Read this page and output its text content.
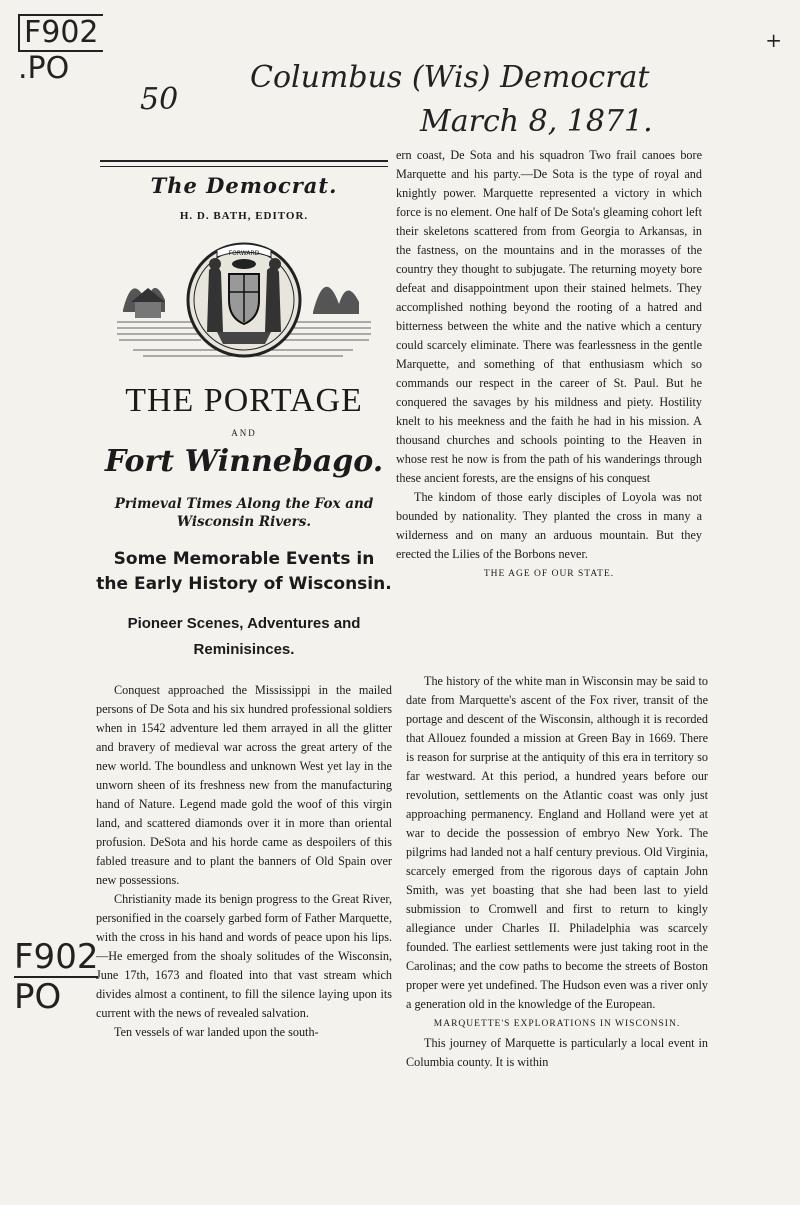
F902
.PO
+
50
Columbus (Wis) Democrat
March 8, 1871.
F902
PO
The Democrat.
H. D. BATH, EDITOR.
FORWARD
THE PORTAGE
AND
Fort Winnebago.
Primeval Times Along the Fox and Wisconsin Rivers.
Some Memorable Events in the Early History of Wisconsin.
Pioneer Scenes, Adventures and Reminisinces.

Conquest approached the Mississippi in the mailed persons of De Sota and his six hundred professional soldiers when in 1542 adventure led them arrayed in all the glitter and bravery of medieval war across the great artery of the new world. The boundless and unknown West yet lay in the unworn sheen of its freshness new from the manufacturing hand of Nature. Legend made gold the woof of this virgin land, and scattered diamonds over it in more than oriental profusion. DeSota and his horde came as despoilers of this fabled treasure and to plant the banners of Old Spain over new possessions.

Christianity made its benign progress to the Great River, personified in the coarsely garbed form of Father Marquette, with the cross in his hand and words of peace upon his lips.—He emerged from the shoaly solitudes of the Wisconsin, June 17th, 1673 and floated into that vast stream which divides almost a continent, to fill the silence laying upon its current with the news of revealed salvation.

Ten vessels of war landed upon the south-

ern coast, De Sota and his squadron Two frail canoes bore Marquette and his party.—De Sota is the type of royal and knightly power. Marquette represented a victory in which force is no element. One half of De Sota's gleaming cohort left their skeletons scattered from from Georgia to Arkansas, in the fastness, on the mountains and in the morasses of the country they thought to subjugate. The returning moyety bore defeat and disappointment upon their stained helmets. They accomplished nothing beyond the rooting of a hatred and bitterness between the white and the native which a century could scarcely eliminate. There was fearlessness in the gentle Marquette, and something of that enthusiasm which so commands our respect in the career of St. Paul. But he conquered the savages by his mildness and piety. Hostility knelt to his meekness and the faith he had in his mission. A thousand churches and schools pointing to the Heaven in whose rest he now is from the path of his wanderings through these ancient forests, are the ensigns of his conquest

The kindom of those early disciples of Loyola was not bounded by nationality. They planted the cross in many a wilderness and on many an arduous mountain. But they erected the Lilies of the Borbons never.

THE AGE OF OUR STATE.

The history of the white man in Wisconsin may be said to date from Marquette's ascent of the Fox river, transit of the portage and descent of the Wisconsin, although it is recorded that Allouez founded a mission at Green Bay in 1669. There is reason for surprise at the antiquity of this era in territory so far westward. At this period, a hundred years before our revolution, settlements on the Atlantic coast was only just approaching permanency. England and Holland were yet at war to decide the possession of embryo New York. The pilgrims had landed not a half century previous. Old Virginia, scarcely emerged from the rigorous days of captain John Smith, was yet boasting that she had been last to yield submission to Cromwell and first to return to kingly allegiance under Charles II. Philadelphia was scarcely founded. The earliest settlements were just taking root in the Carolinas; and the cow paths to become the streets of Boston proper were yet undefined. The Hudson even was a river only a generation old in the knowledge of the European.

MARQUETTE'S EXPLORATIONS IN WISCONSIN.

This journey of Marquette is particularly a local event in Columbia county. It is within
